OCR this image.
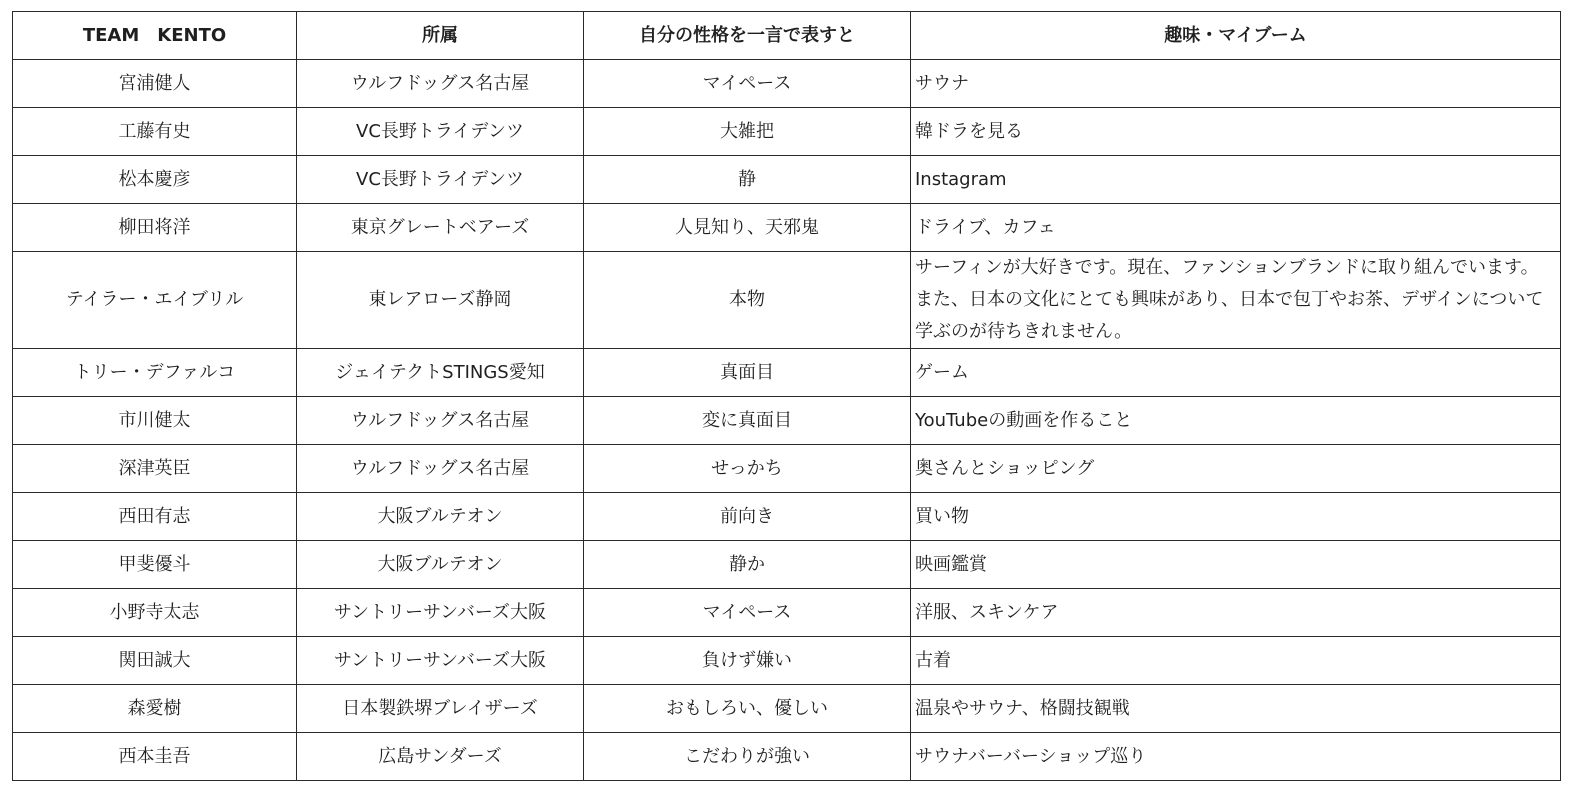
TEAM　KENTO	所属	自分の性格を一言で表すと	趣味・マイブーム
宮浦健人	ウルフドッグス名古屋	マイペース	サウナ
工藤有史	VC長野トライデンツ	大雑把	韓ドラを見る
松本慶彦	VC長野トライデンツ	静	Instagram
柳田将洋	東京グレートベアーズ	人見知り、天邪鬼	ドライブ、カフェ
テイラー・エイブリル	東レアローズ静岡	本物	サーフィンが大好きです。現在、ファンションブランドに取り組んでいます。また、日本の文化にとても興味があり、日本で包丁やお茶、デザインについて学ぶのが待ちきれません。
トリー・デファルコ	ジェイテクトSTINGS愛知	真面目	ゲーム
市川健太	ウルフドッグス名古屋	変に真面目	YouTubeの動画を作ること
深津英臣	ウルフドッグス名古屋	せっかち	奥さんとショッピング
西田有志	大阪ブルテオン	前向き	買い物
甲斐優斗	大阪ブルテオン	静か	映画鑑賞
小野寺太志	サントリーサンバーズ大阪	マイペース	洋服、スキンケア
関田誠大	サントリーサンバーズ大阪	負けず嫌い	古着
森愛樹	日本製鉄堺ブレイザーズ	おもしろい、優しい	温泉やサウナ、格闘技観戦
西本圭吾	広島サンダーズ	こだわりが強い	サウナバーバーショップ巡り
